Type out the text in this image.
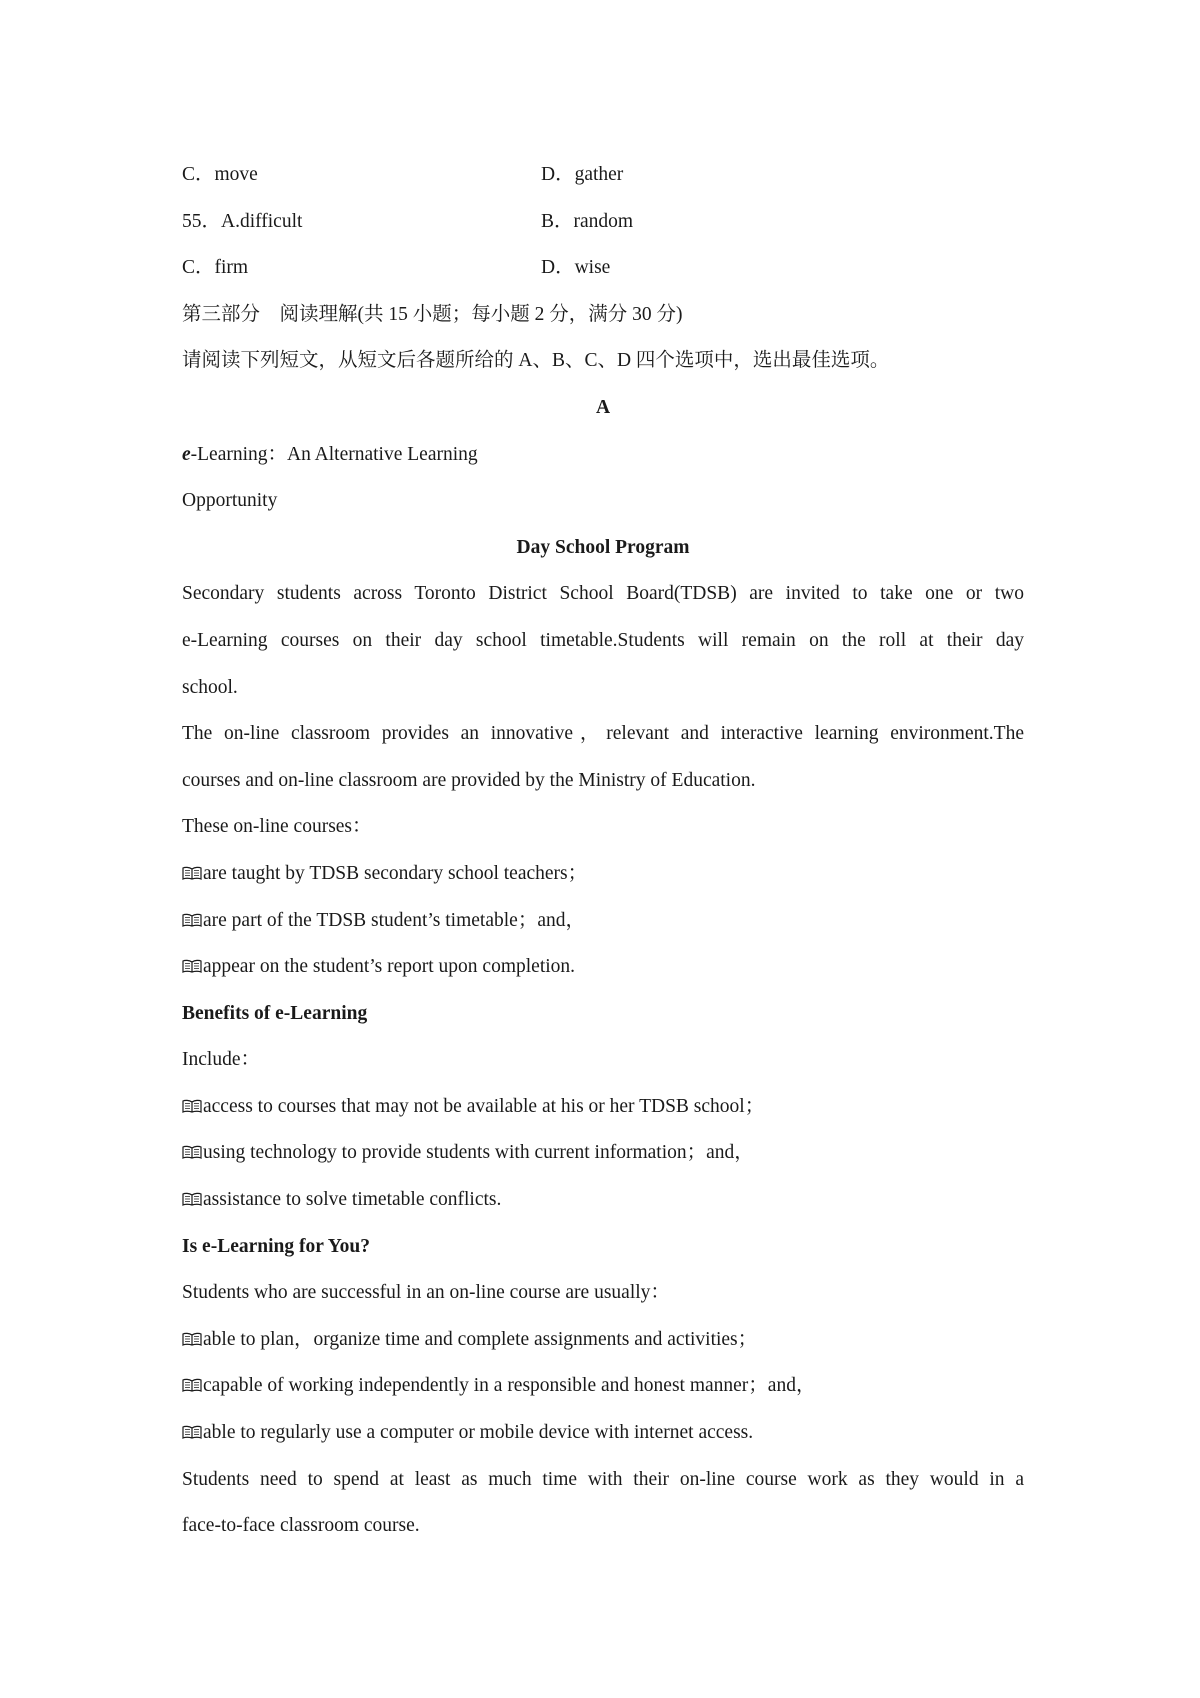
C．move	D．gather
55．A.difficult	B．random
C．firm	D．wise
第三部分　阅读理解(共 15 小题；每小题 2 分，满分 30 分)
请阅读下列短文，从短文后各题所给的 A、B、C、D 四个选项中，选出最佳选项。
A
e-Learning：An Alternative Learning
Opportunity
Day School Program
Secondary students across Toronto District School Board(TDSB) are invited to take one or two
e-Learning courses on their day school timetable.Students will remain on the roll at their day
school.
The on-line classroom provides an innovative，relevant and interactive learning environment.The
courses and on-line classroom are provided by the Ministry of Education.
These on-line courses：
are taught by TDSB secondary school teachers；
are part of the TDSB student’s timetable；and，
appear on the student’s report upon completion.
Benefits of e-Learning
Include：
access to courses that may not be available at his or her TDSB school；
using technology to provide students with current information；and，
assistance to solve timetable conflicts.
Is e-Learning for You?
Students who are successful in an on-line course are usually：
able to plan，organize time and complete assignments and activities；
capable of working independently in a responsible and honest manner；and，
able to regularly use a computer or mobile device with internet access.
Students need to spend at least as much time with their on-line course work as they would in a
face-to-face classroom course.
